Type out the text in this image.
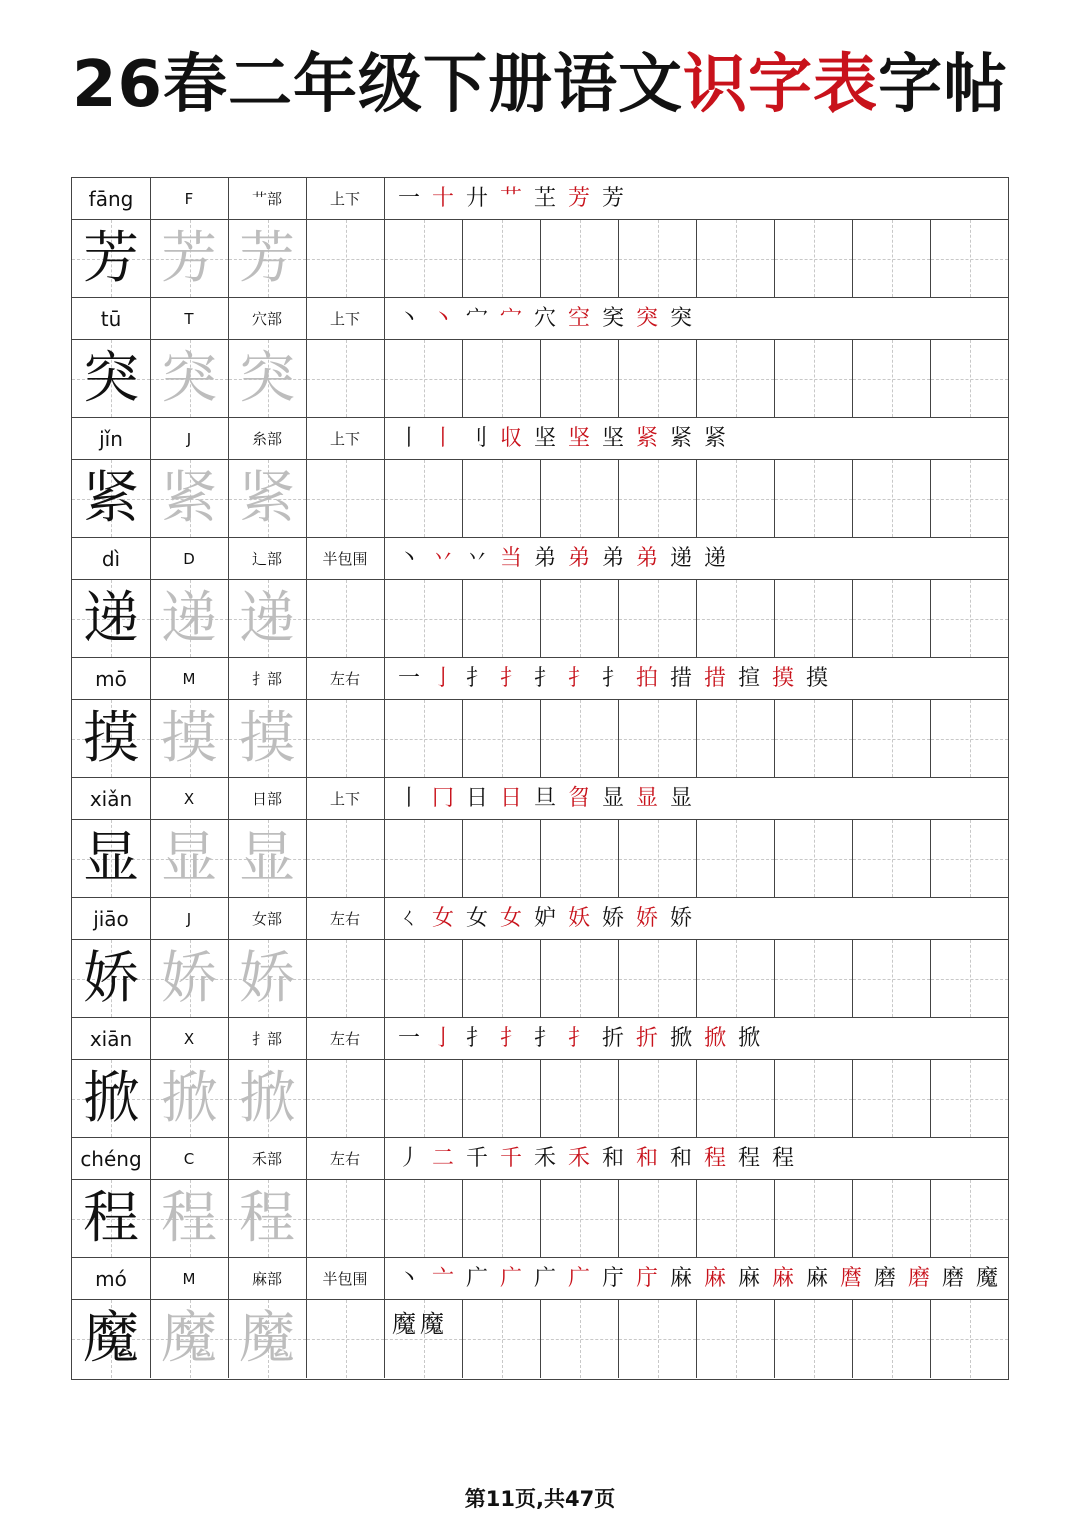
26春二年级下册语文识字表字帖
fāng	F	艹部	上下	一 十 廾 艹 芏 芳 芳
芳 芳 芳
tū	T	穴部	上下	丶 丶 宀 宀 穴 空 穾 突 突
突 突 突
jǐn	J	糸部	上下	丨 丨 刂 収 坚 坚 坚 紧 紧 紧
紧 紧 紧
dì	D	辶部	半包围	丶 丷 丷 当 弟 弟 弟 弟 递 递
递 递 递
mō	M	扌部	左右	一 亅 扌 扌 扌 扌 扌 拍 措 措 揎 摸 摸
摸 摸 摸
xiǎn	X	日部	上下	丨 冂 日 日 旦 㫚 显 显 显
显 显 显
jiāo	J	女部	左右	ㄑ 女 女 女 妒 妖 娇 娇 娇
娇 娇 娇
xiān	X	扌部	左右	一 亅 扌 扌 扌 扌 折 折 掀 掀 掀
掀 掀 掀
chéng	C	禾部	左右	丿 二 千 千 禾 禾 和 和 和 程 程 程
程 程 程
mó	M	麻部	半包围	丶 亠 广 广 广 广 庁 庁 麻 麻 麻 麻 麻 麿 磨 磨 磨 魔
魔 魔 魔	魔魔
第11页,共47页
